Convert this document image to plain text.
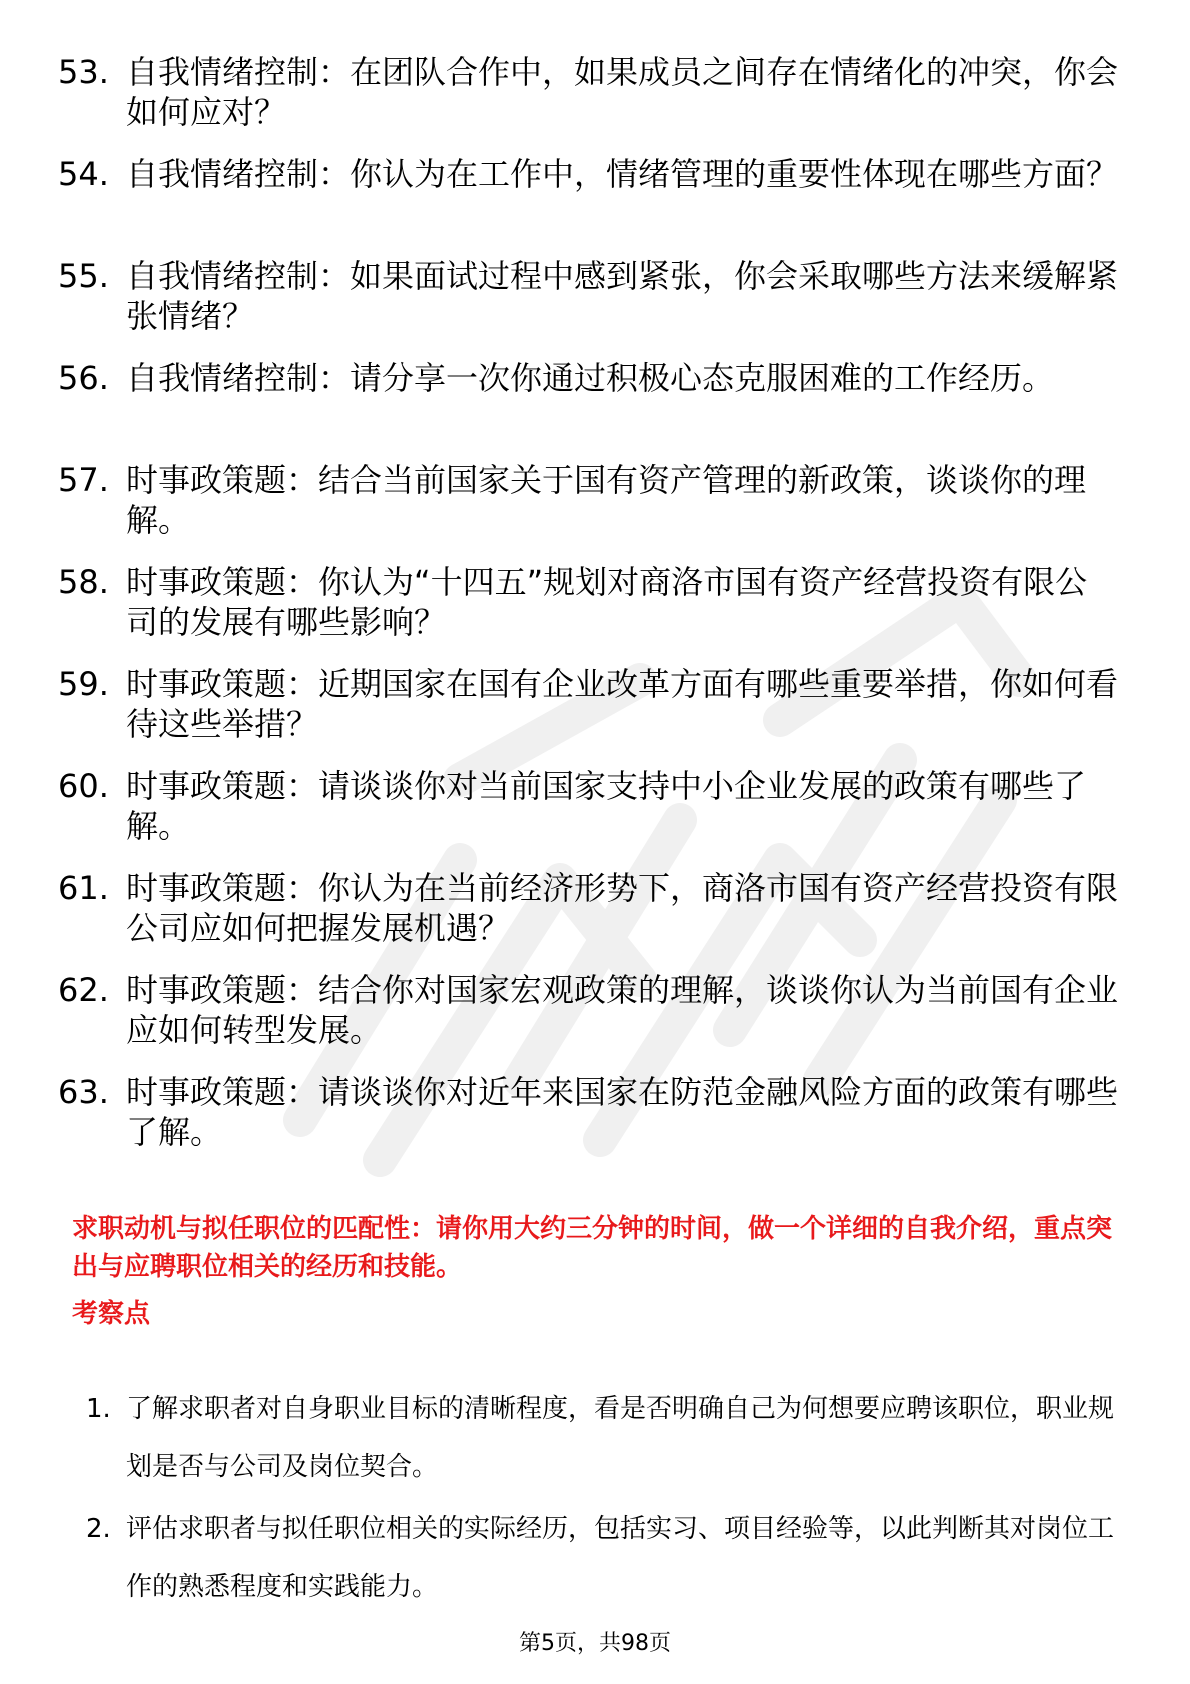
53. 自我情绪控制：在团队合作中，如果成员之间存在情绪化的冲突，你会如何应对？
54. 自我情绪控制：你认为在工作中，情绪管理的重要性体现在哪些方面？
55. 自我情绪控制：如果面试过程中感到紧张，你会采取哪些方法来缓解紧张情绪？
56. 自我情绪控制：请分享一次你通过积极心态克服困难的工作经历。
57. 时事政策题：结合当前国家关于国有资产管理的新政策，谈谈你的理解。
58. 时事政策题：你认为“十四五”规划对商洛市国有资产经营投资有限公司的发展有哪些影响？
59. 时事政策题：近期国家在国有企业改革方面有哪些重要举措，你如何看待这些举措？
60. 时事政策题：请谈谈你对当前国家支持中小企业发展的政策有哪些了解。
61. 时事政策题：你认为在当前经济形势下，商洛市国有资产经营投资有限公司应如何把握发展机遇？
62. 时事政策题：结合你对国家宏观政策的理解，谈谈你认为当前国有企业应如何转型发展。
63. 时事政策题：请谈谈你对近年来国家在防范金融风险方面的政策有哪些了解。

求职动机与拟任职位的匹配性：请你用大约三分钟的时间，做一个详细的自我介绍，重点突出与应聘职位相关的经历和技能。

考察点

1. 了解求职者对自身职业目标的清晰程度，看是否明确自己为何想要应聘该职位，职业规划是否与公司及岗位契合。
2. 评估求职者与拟任职位相关的实际经历，包括实习、项目经验等，以此判断其对岗位工作的熟悉程度和实践能力。
第5页，共98页
